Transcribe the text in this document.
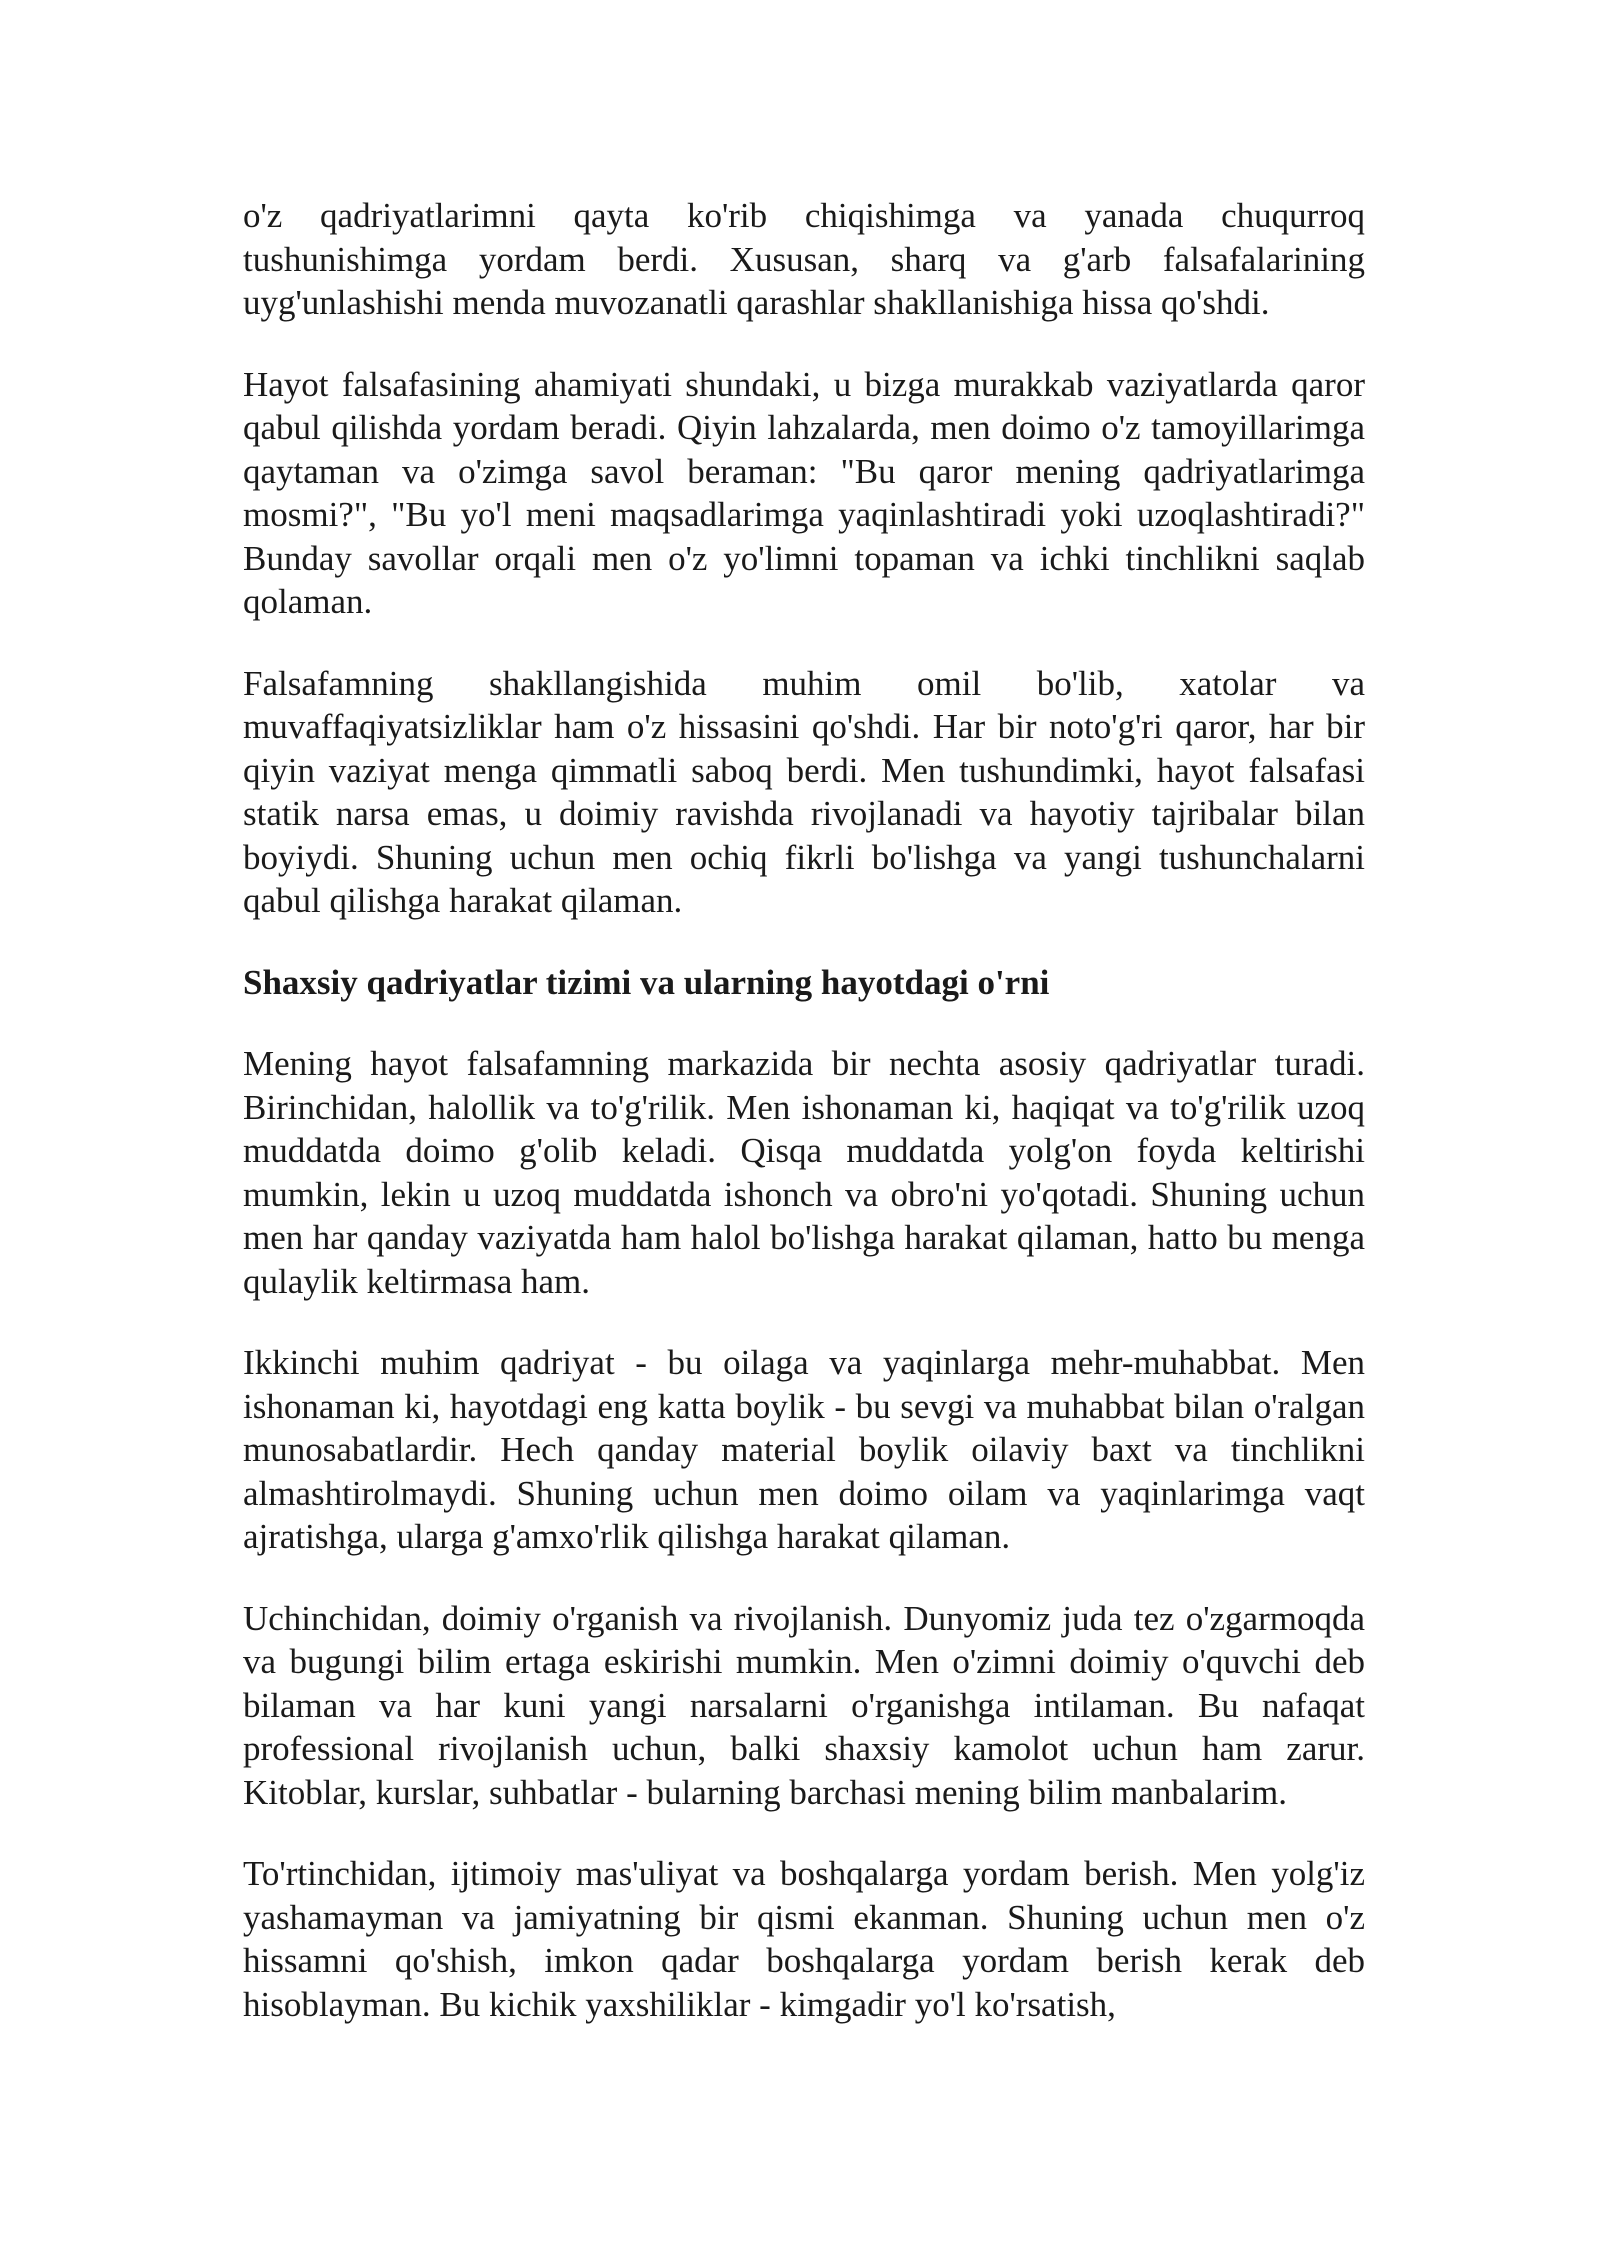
o'z qadriyatlarimni qayta ko'rib chiqishimga va yanada chuqurroq tushunishimga yordam berdi. Xususan, sharq va g'arb falsafalarining uyg'unlashishi menda muvozanatli qarashlar shakllanishiga hissa qo'shdi.

Hayot falsafasining ahamiyati shundaki, u bizga murakkab vaziyatlarda qaror qabul qilishda yordam beradi. Qiyin lahzalarda, men doimo o'z tamoyillarimga qaytaman va o'zimga savol beraman: "Bu qaror mening qadriyatlarimga mosmi?", "Bu yo'l meni maqsadlarimga yaqinlashtiradi yoki uzoqlashtiradi?" Bunday savollar orqali men o'z yo'limni topaman va ichki tinchlikni saqlab qolaman.

Falsafamning shakllangishida muhim omil bo'lib, xatolar va muvaffaqiyatsizliklar ham o'z hissasini qo'shdi. Har bir noto'g'ri qaror, har bir qiyin vaziyat menga qimmatli saboq berdi. Men tushundimki, hayot falsafasi statik narsa emas, u doimiy ravishda rivojlanadi va hayotiy tajribalar bilan boyiydi. Shuning uchun men ochiq fikrli bo'lishga va yangi tushunchalarni qabul qilishga harakat qilaman.

Shaxsiy qadriyatlar tizimi va ularning hayotdagi o'rni

Mening hayot falsafamning markazida bir nechta asosiy qadriyatlar turadi. Birinchidan, halollik va to'g'rilik. Men ishonaman ki, haqiqat va to'g'rilik uzoq muddatda doimo g'olib keladi. Qisqa muddatda yolg'on foyda keltirishi mumkin, lekin u uzoq muddatda ishonch va obro'ni yo'qotadi. Shuning uchun men har qanday vaziyatda ham halol bo'lishga harakat qilaman, hatto bu menga qulaylik keltirmasa ham.

Ikkinchi muhim qadriyat - bu oilaga va yaqinlarga mehr-muhabbat. Men ishonaman ki, hayotdagi eng katta boylik - bu sevgi va muhabbat bilan o'ralgan munosabatlardir. Hech qanday material boylik oilaviy baxt va tinchlikni almashtirolmaydi. Shuning uchun men doimo oilam va yaqinlarimga vaqt ajratishga, ularga g'amxo'rlik qilishga harakat qilaman.

Uchinchidan, doimiy o'rganish va rivojlanish. Dunyomiz juda tez o'zgarmoqda va bugungi bilim ertaga eskirishi mumkin. Men o'zimni doimiy o'quvchi deb bilaman va har kuni yangi narsalarni o'rganishga intilaman. Bu nafaqat professional rivojlanish uchun, balki shaxsiy kamolot uchun ham zarur. Kitoblar, kurslar, suhbatlar - bularning barchasi mening bilim manbalarim.

To'rtinchidan, ijtimoiy mas'uliyat va boshqalarga yordam berish. Men yolg'iz yashamayman va jamiyatning bir qismi ekanman. Shuning uchun men o'z hissamni qo'shish, imkon qadar boshqalarga yordam berish kerak deb hisoblayman. Bu kichik yaxshiliklar - kimgadir yo'l ko'rsatish,
